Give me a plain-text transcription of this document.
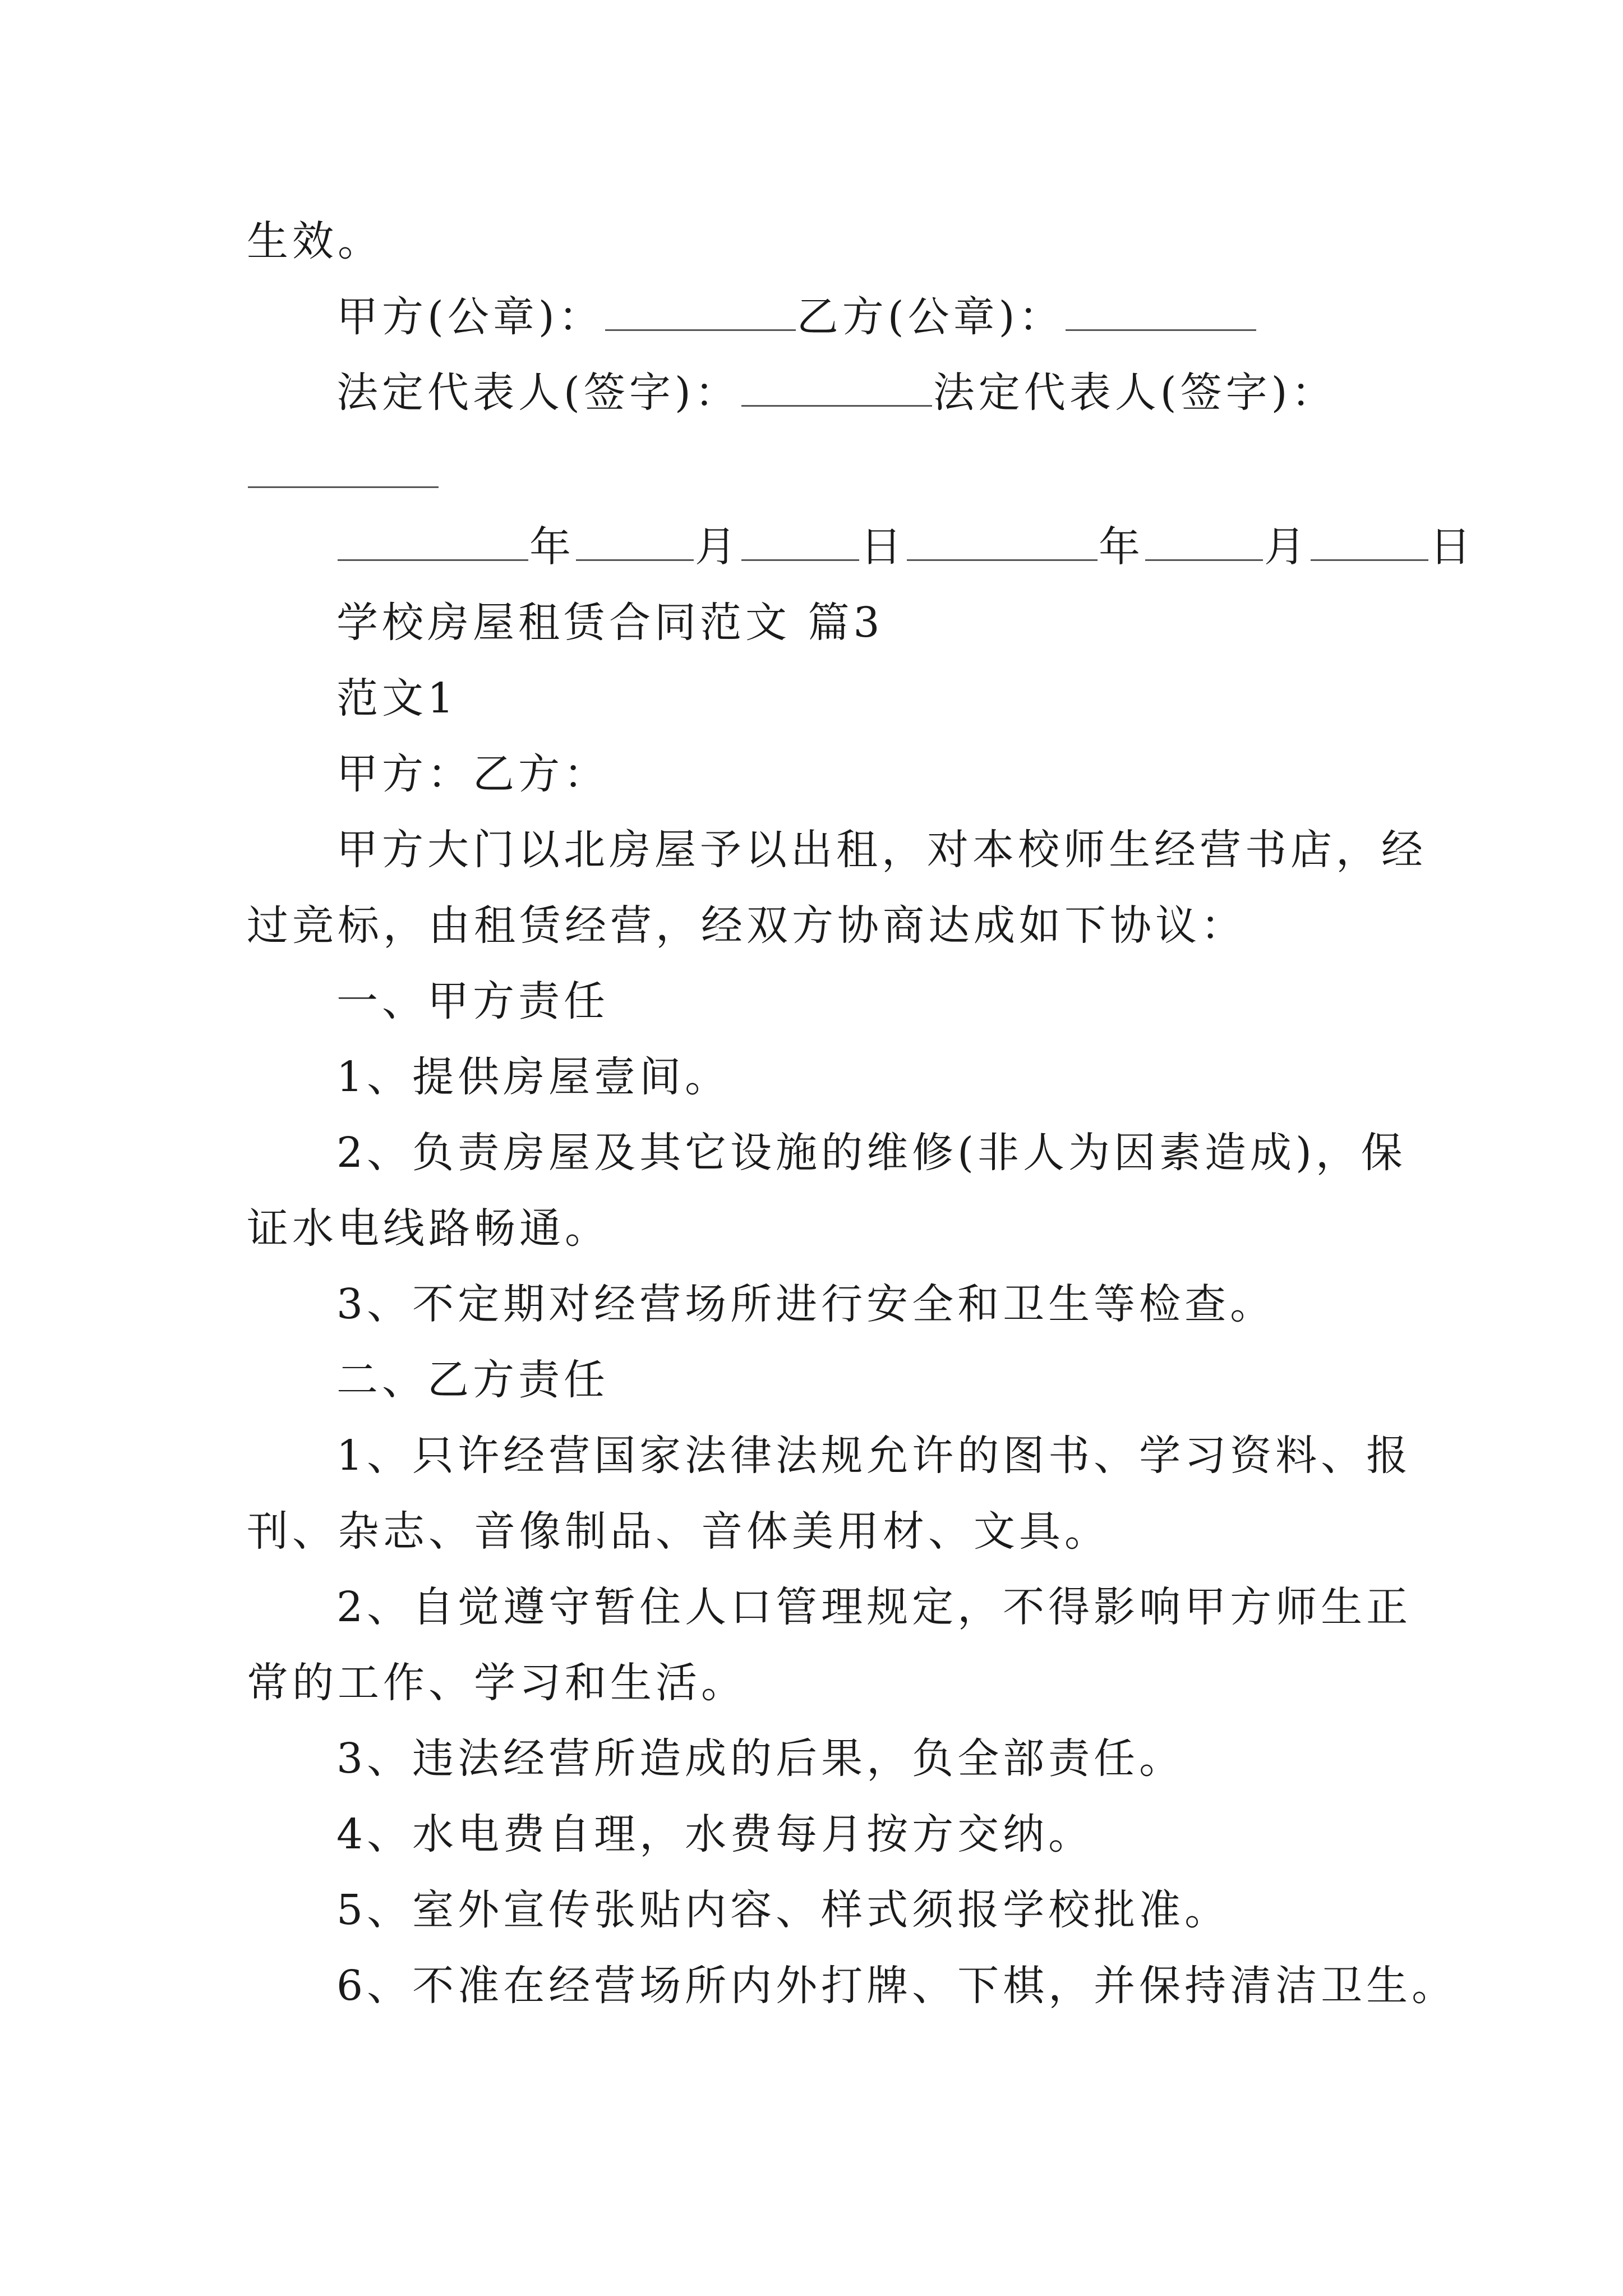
生效。
甲方(公章)：	乙方(公章)：
法定代表人(签字)：	法定代表人(签字)：
年	月	日	年	月	日
学校房屋租赁合同范文 篇3
范文1
甲方：乙方：
甲方大门以北房屋予以出租，对本校师生经营书店，经
过竞标，由租赁经营，经双方协商达成如下协议：
一、甲方责任
1、提供房屋壹间。
2、负责房屋及其它设施的维修(非人为因素造成)，保
证水电线路畅通。
3、不定期对经营场所进行安全和卫生等检查。
二、乙方责任
1、只许经营国家法律法规允许的图书、学习资料、报
刊、杂志、音像制品、音体美用材、文具。
2、自觉遵守暂住人口管理规定，不得影响甲方师生正
常的工作、学习和生活。
3、违法经营所造成的后果，负全部责任。
4、水电费自理，水费每月按方交纳。
5、室外宣传张贴内容、样式须报学校批准。
6、不准在经营场所内外打牌、下棋，并保持清洁卫生。
